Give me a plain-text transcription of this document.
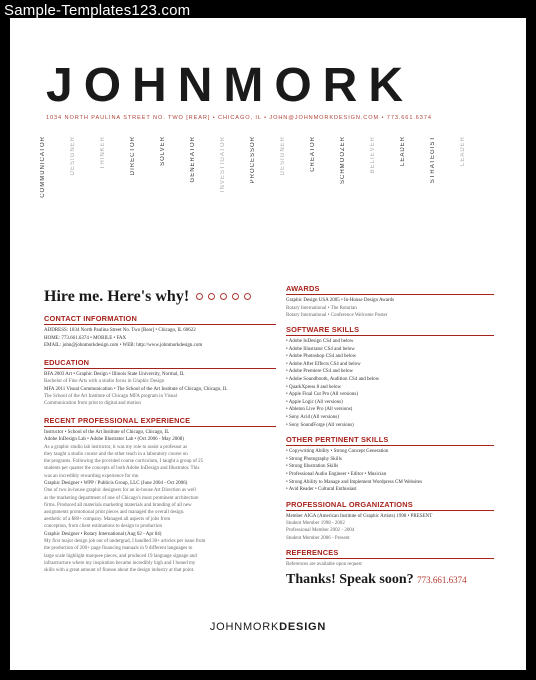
Sample-Templates123.com
JOHNMORK
1034 NORTH PAULINA STREET NO. TWO [REAR] • CHICAGO, IL • JOHN@JOHNMORKDESIGN.COM • 773.661.6374
COMMUNICATOR	DESIGNER	THINKER	DIRECTOR	SOLVER	GENERATOR	INVESTIGATOR	PROCESSOR	DESIGNER	CREATOR	SCHMOOZER	BELIEVER	LEADER	STRATEGIST	LEADER
Hire me. Here's why!
CONTACT INFORMATION
ADDRESS: 1034 North Paulina Street No. Two [Rear] • Chicago, IL 60622
HOME: 773.661.6374 • MOBILE • FAX
EMAIL: john@johnmorkdesign.com • WEB: http://www.johnmorkdesign.com
EDUCATION
BFA 2003 Art • Graphic Design • Illinois State University, Normal, IL
Bachelor of Fine Arts with a studio focus in Graphic Design
MFA 2011 Visual Communication • The School of the Art Institute of Chicago, Chicago, IL
The School of the Art Institute of Chicago MFA program in Visual
Communication from print to digital and motion
RECENT PROFESSIONAL EXPERIENCE
Instructor • School of the Art Institute of Chicago, Chicago, IL
Adobe InDesign Lab • Adobe Illustrator Lab • (Oct 2006 - May 2008)
As a graphic studio lab instructor, it was my role to assist a professor as
they taught a studio course and the other teach in a laboratory course on
the programs. Following the provided course curriculum, I taught a group of 25
students per quarter the concepts of both Adobe InDesign and Illustrator. This
was an incredibly rewarding experience for me.
Graphic Designer • WPP / Publicis Group, LLC (June 2004 - Oct 2006)
One of two in-house graphic designers for an in-house Art Direction as well
as the marketing department of one of Chicago's most prominent architecture
firms. Produced all materials marketing materials and branding of all new
assignments promotional print pieces and managed the overall design.
aesthetic of a $80+ company. Managed all aspects of jobs from
conception, from client estimations to design to production
Graphic Designer • Rotary International (Aug 02 - Apr 04)
My first major design job out of undergrad, I handled 30+ articles per issue from
the production of 200+ page financing manuals in 9 different languages to
large scale highlight marquee pieces, and produced 19 language signage and
infrastructure where my inspiration became incredibly high and I honed my
skills with a great amount of finesse about the design industry at that point.
AWARDS
Graphic Design USA 2005 • In-House Design Awards
Rotary International • The Rotarian
Rotary International • Conference Welcome Poster
SOFTWARE SKILLS
• Adobe InDesign CS4 and below
• Adobe Illustrator CS4 and below
• Adobe Photoshop CS4 and below
• Adobe After Effects CS4 and below
• Adobe Premiere CS4 and below
• Adobe Soundbooth, Audition CS4 and below
• QuarkXpress 8 and below
• Apple Final Cut Pro (All versions)
• Apple Logic (All versions)
• Ableton Live Pro (All versions)
• Sony Acid (All versions)
• Sony SoundForge (All versions)
OTHER PERTINENT SKILLS
• Copywriting Ability • Strong Concept Generation
• Strong Photography Skills
• Strong Illustration Skills
• Professional Audio Engineer • Editor • Musician
• Strong Ability to Manage and Implement Wordpress CM Websites
• Avid Reader • Cultural Enthusiast
PROFESSIONAL ORGANIZATIONS
Member AIGA (American Institute of Graphic Artists) 1998 • PRESENT
Student Member 1998 - 2002
Professional Member 2002 - 2004
Student Member 2006 - Present
REFERENCES
References are available upon request
Thanks! Speak soon? 773.661.6374
JOHNMORKDESIGN
